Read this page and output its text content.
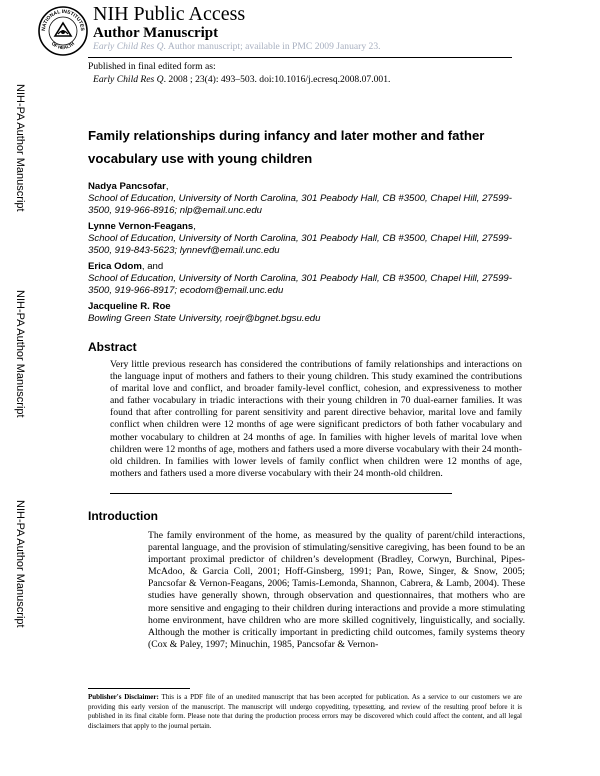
NATIONAL INSTITUTES
OF HEALTH
NIH Public Access
Author Manuscript
Early Child Res Q. Author manuscript; available in PMC 2009 January 23.
Published in final edited form as:
Early Child Res Q. 2008 ; 23(4): 493–503. doi:10.1016/j.ecresq.2008.07.001.
NIH-PA Author Manuscript
NIH-PA Author Manuscript
NIH-PA Author Manuscript
Family relationships during infancy and later mother and father vocabulary use with young children
Nadya Pancsofar,
School of Education, University of North Carolina, 301 Peabody Hall, CB #3500, Chapel Hill, 27599-3500, 919-966-8916; nlp@email.unc.edu
Lynne Vernon-Feagans,
School of Education, University of North Carolina, 301 Peabody Hall, CB #3500, Chapel Hill, 27599-3500, 919-843-5623; lynnevf@email.unc.edu
Erica Odom, and
School of Education, University of North Carolina, 301 Peabody Hall, CB #3500, Chapel Hill, 27599-3500, 919-966-8917; ecodom@email.unc.edu
Jacqueline R. Roe
Bowling Green State University, roejr@bgnet.bgsu.edu
Abstract
Very little previous research has considered the contributions of family relationships and interactions on the language input of mothers and fathers to their young children. This study examined the contributions of marital love and conflict, and broader family-level conflict, cohesion, and expressiveness to mother and father vocabulary in triadic interactions with their young children in 70 dual-earner families. It was found that after controlling for parent sensitivity and parent directive behavior, marital love and family conflict when children were 12 months of age were significant predictors of both father vocabulary and mother vocabulary to children at 24 months of age. In families with higher levels of marital love when children were 12 months of age, mothers and fathers used a more diverse vocabulary with their 24 month-old children. In families with lower levels of family conflict when children were 12 months of age, mothers and fathers used a more diverse vocabulary with their 24 month-old children.
Introduction
The family environment of the home, as measured by the quality of parent/child interactions, parental language, and the provision of stimulating/sensitive caregiving, has been found to be an important proximal predictor of children’s development (Bradley, Corwyn, Burchinal, Pipes-McAdoo, & Garcia Coll, 2001; Hoff-Ginsberg, 1991; Pan, Rowe, Singer, & Snow, 2005; Pancsofar & Vernon-Feagans, 2006; Tamis-Lemonda, Shannon, Cabrera, & Lamb, 2004). These studies have generally shown, through observation and questionnaires, that mothers who are more sensitive and engaging to their children during interactions and provide a more stimulating home environment, have children who are more skilled cognitively, linguistically, and socially. Although the mother is critically important in predicting child outcomes, family systems theory (Cox & Paley, 1997; Minuchin, 1985, Pancsofar & Vernon-
Publisher's Disclaimer: This is a PDF file of an unedited manuscript that has been accepted for publication. As a service to our customers we are providing this early version of the manuscript. The manuscript will undergo copyediting, typesetting, and review of the resulting proof before it is published in its final citable form. Please note that during the production process errors may be discovered which could affect the content, and all legal disclaimers that apply to the journal pertain.
